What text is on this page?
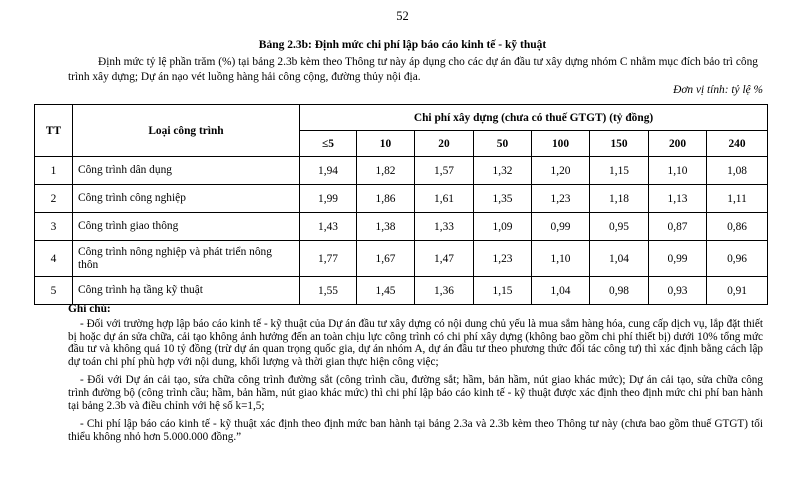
52
Bảng 2.3b: Định mức chi phí lập báo cáo kinh tế - kỹ thuật
Định mức tỷ lệ phần trăm (%) tại bảng 2.3b kèm theo Thông tư này áp dụng cho các dự án đầu tư xây dựng nhóm C nhằm mục đích bảo trì công trình xây dựng; Dự án nạo vét luồng hàng hải công cộng, đường thủy nội địa.
Đơn vị tính: tỷ lệ %
TT	Loại công trình	Chi phí xây dựng (chưa có thuế GTGT) (tỷ đồng)							
		≤5	10	20	50	100	150	200	240
1	Công trình dân dụng	1,94	1,82	1,57	1,32	1,20	1,15	1,10	1,08
2	Công trình công nghiệp	1,99	1,86	1,61	1,35	1,23	1,18	1,13	1,11
3	Công trình giao thông	1,43	1,38	1,33	1,09	0,99	0,95	0,87	0,86
4	Công trình nông nghiệp và phát triển nông thôn	1,77	1,67	1,47	1,23	1,10	1,04	0,99	0,96
5	Công trình hạ tầng kỹ thuật	1,55	1,45	1,36	1,15	1,04	0,98	0,93	0,91
Ghi chú:

- Đối với trường hợp lập báo cáo kinh tế - kỹ thuật của Dự án đầu tư xây dựng có nội dung chủ yếu là mua sắm hàng hóa, cung cấp dịch vụ, lắp đặt thiết bị hoặc dự án sửa chữa, cải tạo không ảnh hưởng đến an toàn chịu lực công trình có chi phí xây dựng (không bao gồm chi phí thiết bị) dưới 10% tổng mức đầu tư và không quá 10 tỷ đồng (trừ dự án quan trọng quốc gia, dự án nhóm A, dự án đầu tư theo phương thức đối tác công tư) thì xác định bằng cách lập dự toán chi phí phù hợp với nội dung, khối lượng và thời gian thực hiện công việc;

- Đối với Dự án cải tạo, sửa chữa công trình đường sắt (công trình cầu, đường sắt; hầm, bản hầm, nút giao khác mức); Dự án cải tạo, sửa chữa công trình đường bộ (công trình cầu; hầm, bản hầm, nút giao khác mức) thì chi phí lập báo cáo kinh tế - kỹ thuật được xác định theo định mức chi phí ban hành tại bảng 2.3b và điều chỉnh với hệ số k=1,5;

- Chi phí lập báo cáo kinh tế - kỹ thuật xác định theo định mức ban hành tại bảng 2.3a và 2.3b kèm theo Thông tư này (chưa bao gồm thuế GTGT) tối thiểu không nhỏ hơn 5.000.000 đồng.”
